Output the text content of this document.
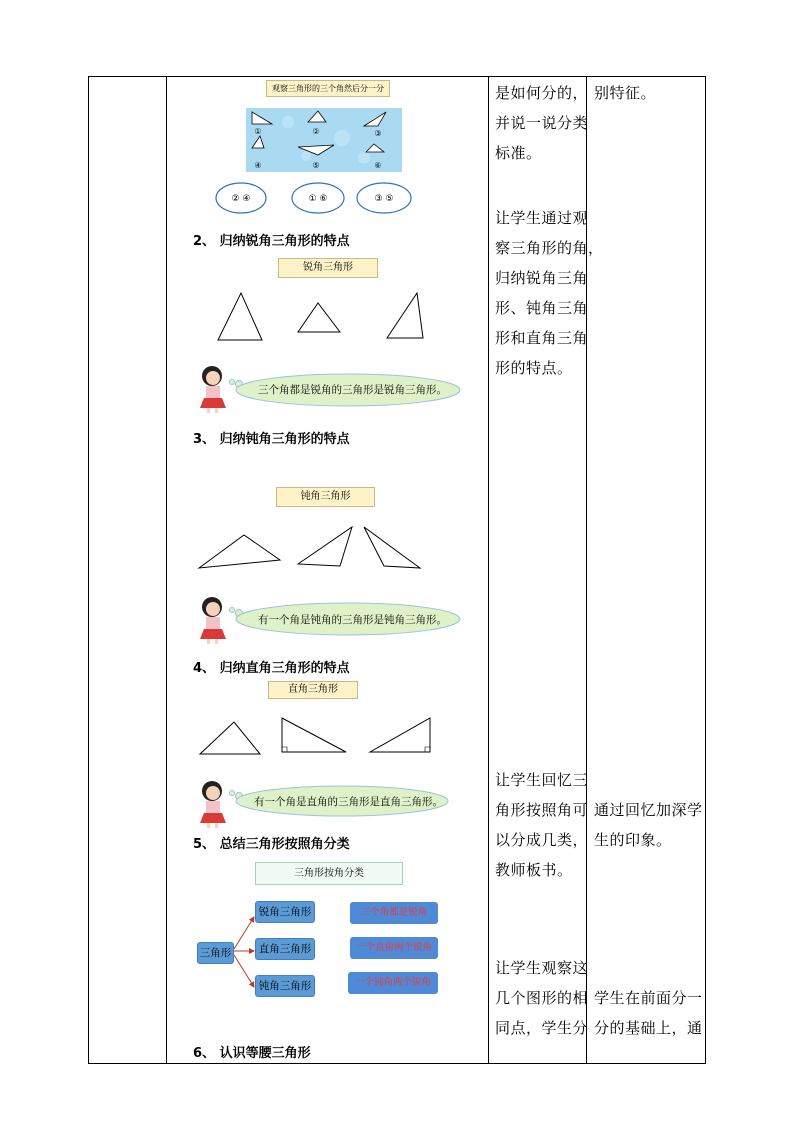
观察三角形的三个角然后分一分
①	②	③
④	⑤	⑥
② ④	① ⑥	③ ⑤
2、 归纳锐角三角形的特点
锐角三角形
三个角都是锐角的三角形是锐角三角形。
3、 归纳钝角三角形的特点
钝角三角形
有一个角是钝角的三角形是钝角三角形。
4、 归纳直角三角形的特点
直角三角形
有一个角是直角的三角形是直角三角形。
5、 总结三角形按照角分类
三角形按角分类
三角形
锐角三角形
直角三角形
钝角三角形
三个角都是锐角
一个直角两个锐角
一个钝角两个锐角
6、 认识等腰三角形
是如何分的，
并说一说分类
标准。
让学生通过观
察三角形的角，
归纳锐角三角
形、钝角三角
形和直角三角
形的特点。
让学生回忆三
角形按照角可
以分成几类，
教师板书。
让学生观察这
几个图形的相
同点，学生分
别特征。
通过回忆加深学
生的印象。
学生在前面分一
分的基础上，通
